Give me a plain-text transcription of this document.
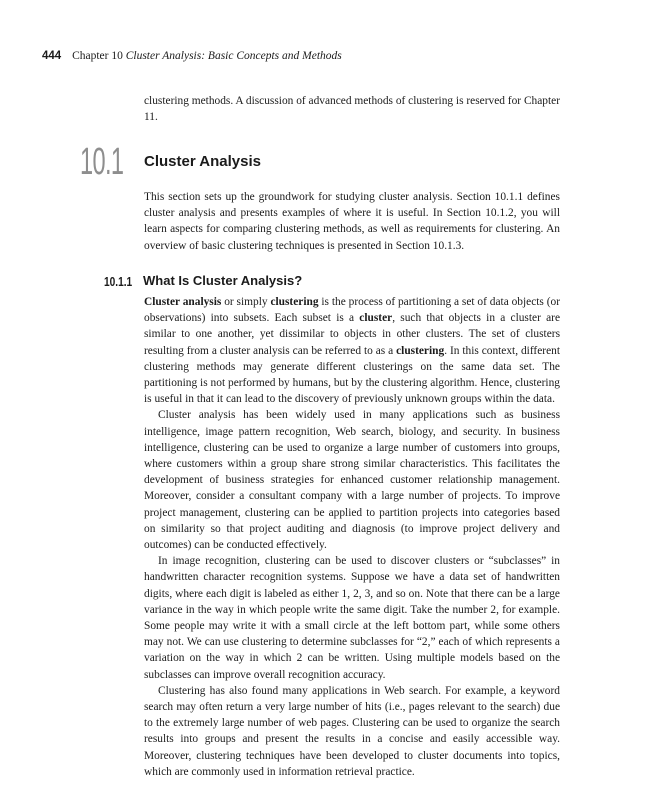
444 Chapter 10 Cluster Analysis: Basic Concepts and Methods

clustering methods. A discussion of advanced methods of clustering is reserved for Chapter 11.

10.1 Cluster Analysis

This section sets up the groundwork for studying cluster analysis. Section 10.1.1 defines cluster analysis and presents examples of where it is useful. In Section 10.1.2, you will learn aspects for comparing clustering methods, as well as requirements for clustering. An overview of basic clustering techniques is presented in Section 10.1.3.

10.1.1 What Is Cluster Analysis?

Cluster analysis or simply clustering is the process of partitioning a set of data objects (or observations) into subsets. Each subset is a cluster, such that objects in a cluster are similar to one another, yet dissimilar to objects in other clusters. The set of clusters resulting from a cluster analysis can be referred to as a clustering. In this context, different clustering methods may generate different clusterings on the same data set. The partitioning is not performed by humans, but by the clustering algorithm. Hence, clustering is useful in that it can lead to the discovery of previously unknown groups within the data.

Cluster analysis has been widely used in many applications such as business intelligence, image pattern recognition, Web search, biology, and security. In business intelligence, clustering can be used to organize a large number of customers into groups, where customers within a group share strong similar characteristics. This facilitates the development of business strategies for enhanced customer relationship management. Moreover, consider a consultant company with a large number of projects. To improve project management, clustering can be applied to partition projects into categories based on similarity so that project auditing and diagnosis (to improve project delivery and outcomes) can be conducted effectively.

In image recognition, clustering can be used to discover clusters or “subclasses” in handwritten character recognition systems. Suppose we have a data set of handwritten digits, where each digit is labeled as either 1, 2, 3, and so on. Note that there can be a large variance in the way in which people write the same digit. Take the number 2, for example. Some people may write it with a small circle at the left bottom part, while some others may not. We can use clustering to determine subclasses for “2,” each of which represents a variation on the way in which 2 can be written. Using multiple models based on the subclasses can improve overall recognition accuracy.

Clustering has also found many applications in Web search. For example, a keyword search may often return a very large number of hits (i.e., pages relevant to the search) due to the extremely large number of web pages. Clustering can be used to organize the search results into groups and present the results in a concise and easily accessible way. Moreover, clustering techniques have been developed to cluster documents into topics, which are commonly used in information retrieval practice.
